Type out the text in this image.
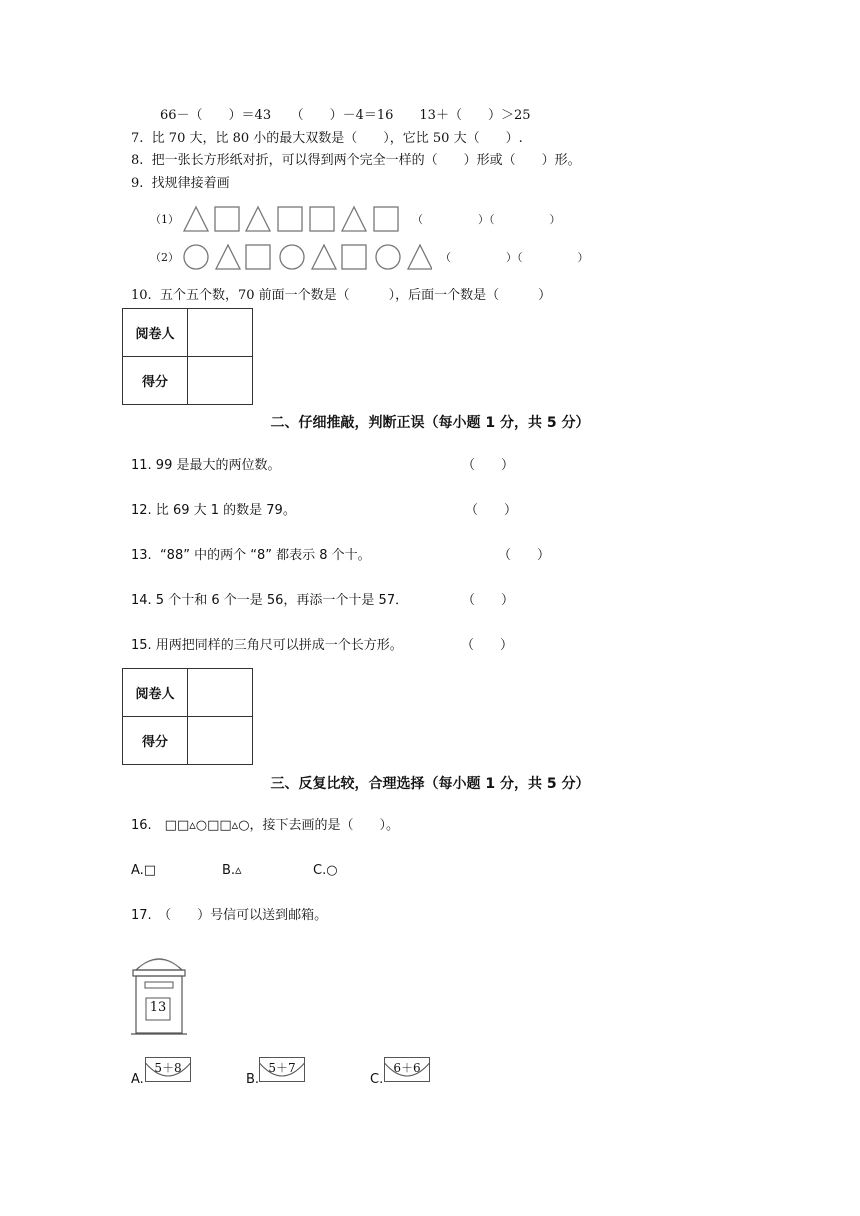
66－（　　）＝43　　（　　）－4＝16　　13＋（　　）＞25
7.  比 70 大，比 80 小的最大双数是（　　），它比 50 大（　　）.
8.  把一张长方形纸对折，可以得到两个完全一样的（　　）形或（　　）形。
9.  找规律接着画
（1）	（　　　　　）（　　　　　）
（2）	（　　　　　）（　　　　　）
10.  五个五个数，70 前面一个数是（　　　），后面一个数是（　　　）
阅卷人	
得分	
二、仔细推敲，判断正误（每小题 1 分，共 5 分）
11. 99 是最大的两位数。	（　　）
12. 比 69 大 1 的数是 79。	（　　）
13.  “88” 中的两个 “8” 都表示 8 个十。	（　　）
14. 5 个十和 6 个一是 56，再添一个十是 57．	（　　）
15. 用两把同样的三角尺可以拼成一个长方形。	（　　）
阅卷人	
得分	
三、反复比较，合理选择（每小题 1 分，共 5 分）
16.　□□▵○□□▵○，接下去画的是（　　）。
A.□	B.▵	C.○
17.　（　　）号信可以送到邮箱。
13
A.
5＋8
B.
5＋7
C.
6＋6
